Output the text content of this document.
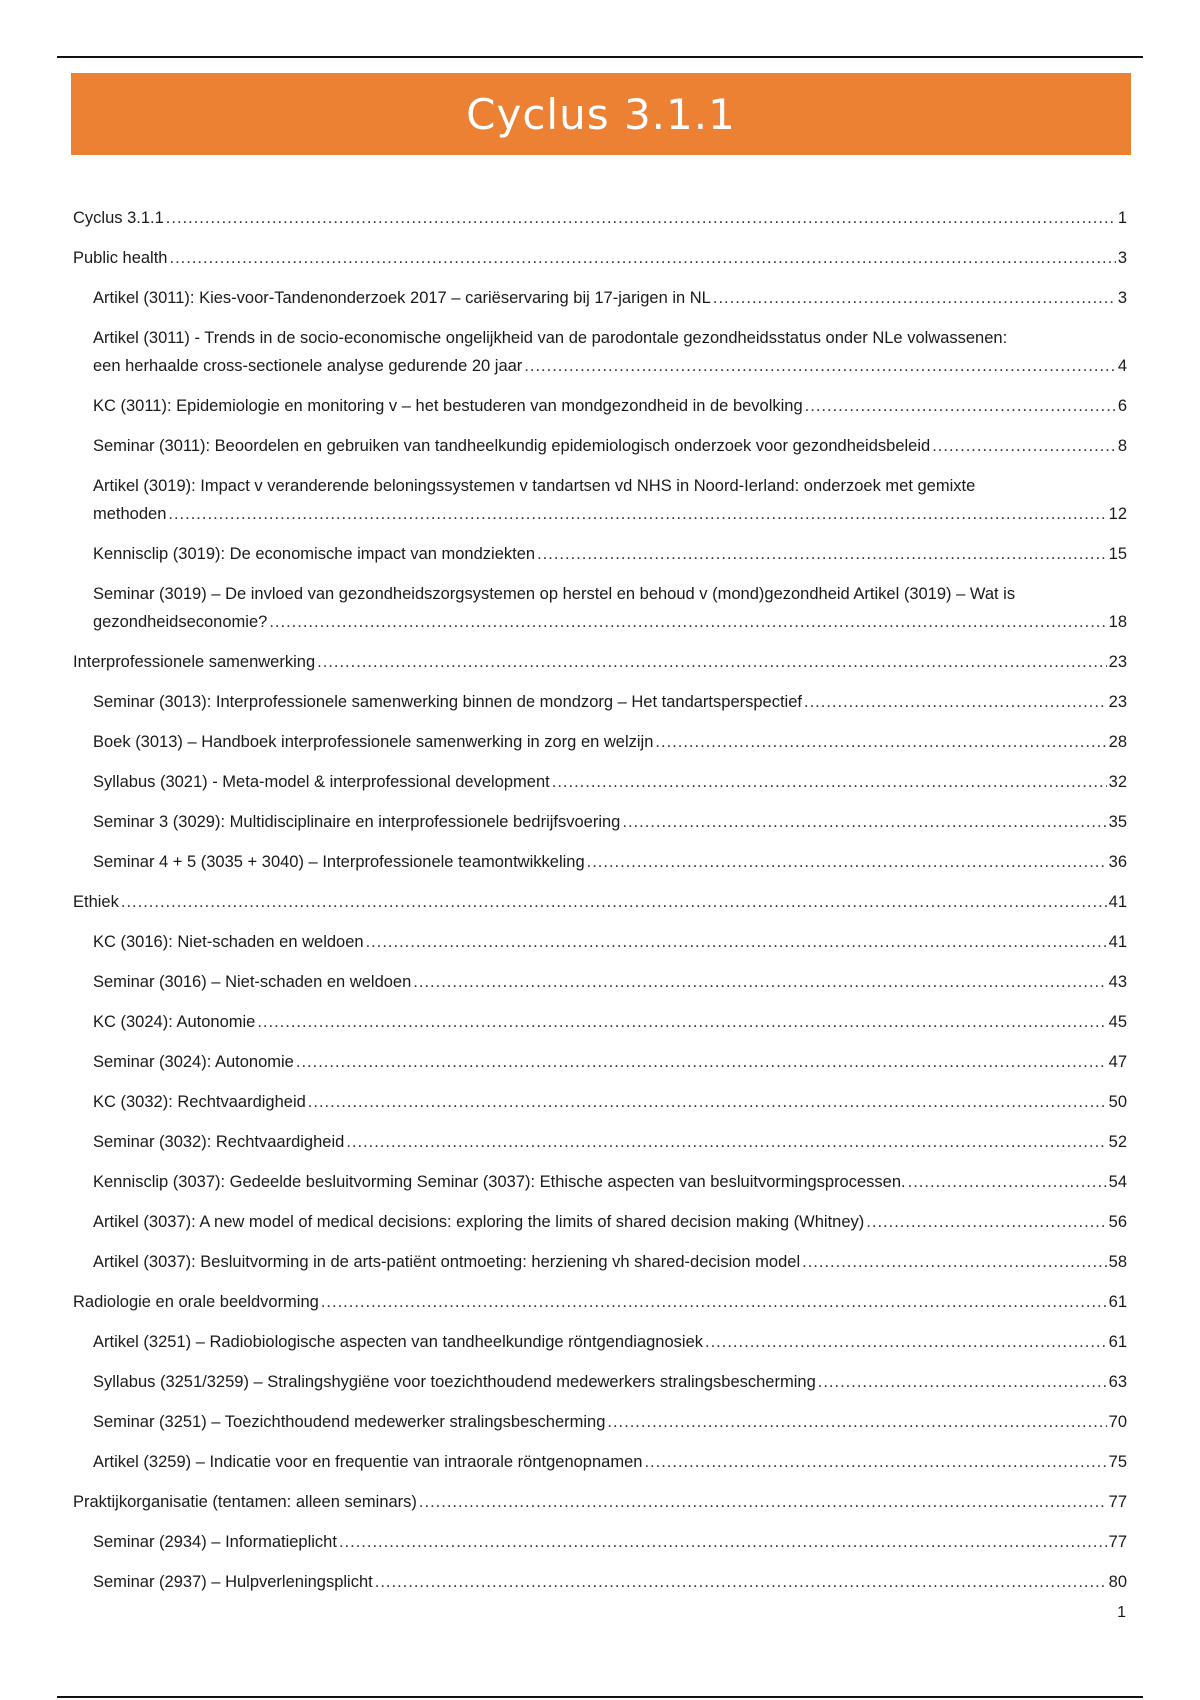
Cyclus 3.1.1
Cyclus 3.1.1 .....	1
Public health .....	3
Artikel (3011): Kies-voor-Tandenonderzoek 2017 – cariëservaring bij 17-jarigen in NL .....	3
Artikel (3011) - Trends in de socio-economische ongelijkheid van de parodontale gezondheidsstatus onder NLe volwassenen:
een herhaalde cross-sectionele analyse gedurende 20 jaar .....	4
KC (3011): Epidemiologie en monitoring v – het bestuderen van mondgezondheid in de bevolking .....	6
Seminar (3011): Beoordelen en gebruiken van tandheelkundig epidemiologisch onderzoek voor gezondheidsbeleid .....	8
Artikel (3019): Impact v veranderende beloningssystemen v tandartsen vd NHS in Noord-Ierland: onderzoek met gemixte
methoden .....	12
Kennisclip (3019): De economische impact van mondziekten .....	15
Seminar (3019) – De invloed van gezondheidszorgsystemen op herstel en behoud v (mond)gezondheid Artikel (3019) – Wat is
gezondheidseconomie? .....	18
Interprofessionele samenwerking .....	23
Seminar (3013): Interprofessionele samenwerking binnen de mondzorg – Het tandartsperspectief .....	23
Boek (3013) – Handboek interprofessionele samenwerking in zorg en welzijn .....	28
Syllabus (3021) - Meta-model & interprofessional development .....	32
Seminar 3 (3029): Multidisciplinaire en interprofessionele bedrijfsvoering .....	35
Seminar 4 + 5 (3035 + 3040) – Interprofessionele teamontwikkeling .....	36
Ethiek .....	41
KC (3016): Niet-schaden en weldoen .....	41
Seminar (3016) – Niet-schaden en weldoen .....	43
KC (3024): Autonomie .....	45
Seminar (3024): Autonomie .....	47
KC (3032): Rechtvaardigheid .....	50
Seminar (3032): Rechtvaardigheid .....	52
Kennisclip (3037): Gedeelde besluitvorming Seminar (3037): Ethische aspecten van besluitvormingsprocessen. .....	54
Artikel (3037): A new model of medical decisions: exploring the limits of shared decision making (Whitney) .....	56
Artikel (3037): Besluitvorming in de arts-patiënt ontmoeting: herziening vh shared-decision model .....	58
Radiologie en orale beeldvorming .....	61
Artikel (3251) – Radiobiologische aspecten van tandheelkundige röntgendiagnosiek .....	61
Syllabus (3251/3259) – Stralingshygiëne voor toezichthoudend medewerkers stralingsbescherming .....	63
Seminar (3251) – Toezichthoudend medewerker stralingsbescherming .....	70
Artikel (3259) – Indicatie voor en frequentie van intraorale röntgenopnamen .....	75
Praktijkorganisatie (tentamen: alleen seminars) .....	77
Seminar (2934) – Informatieplicht .....	77
Seminar (2937) – Hulpverleningsplicht .....	80
1
